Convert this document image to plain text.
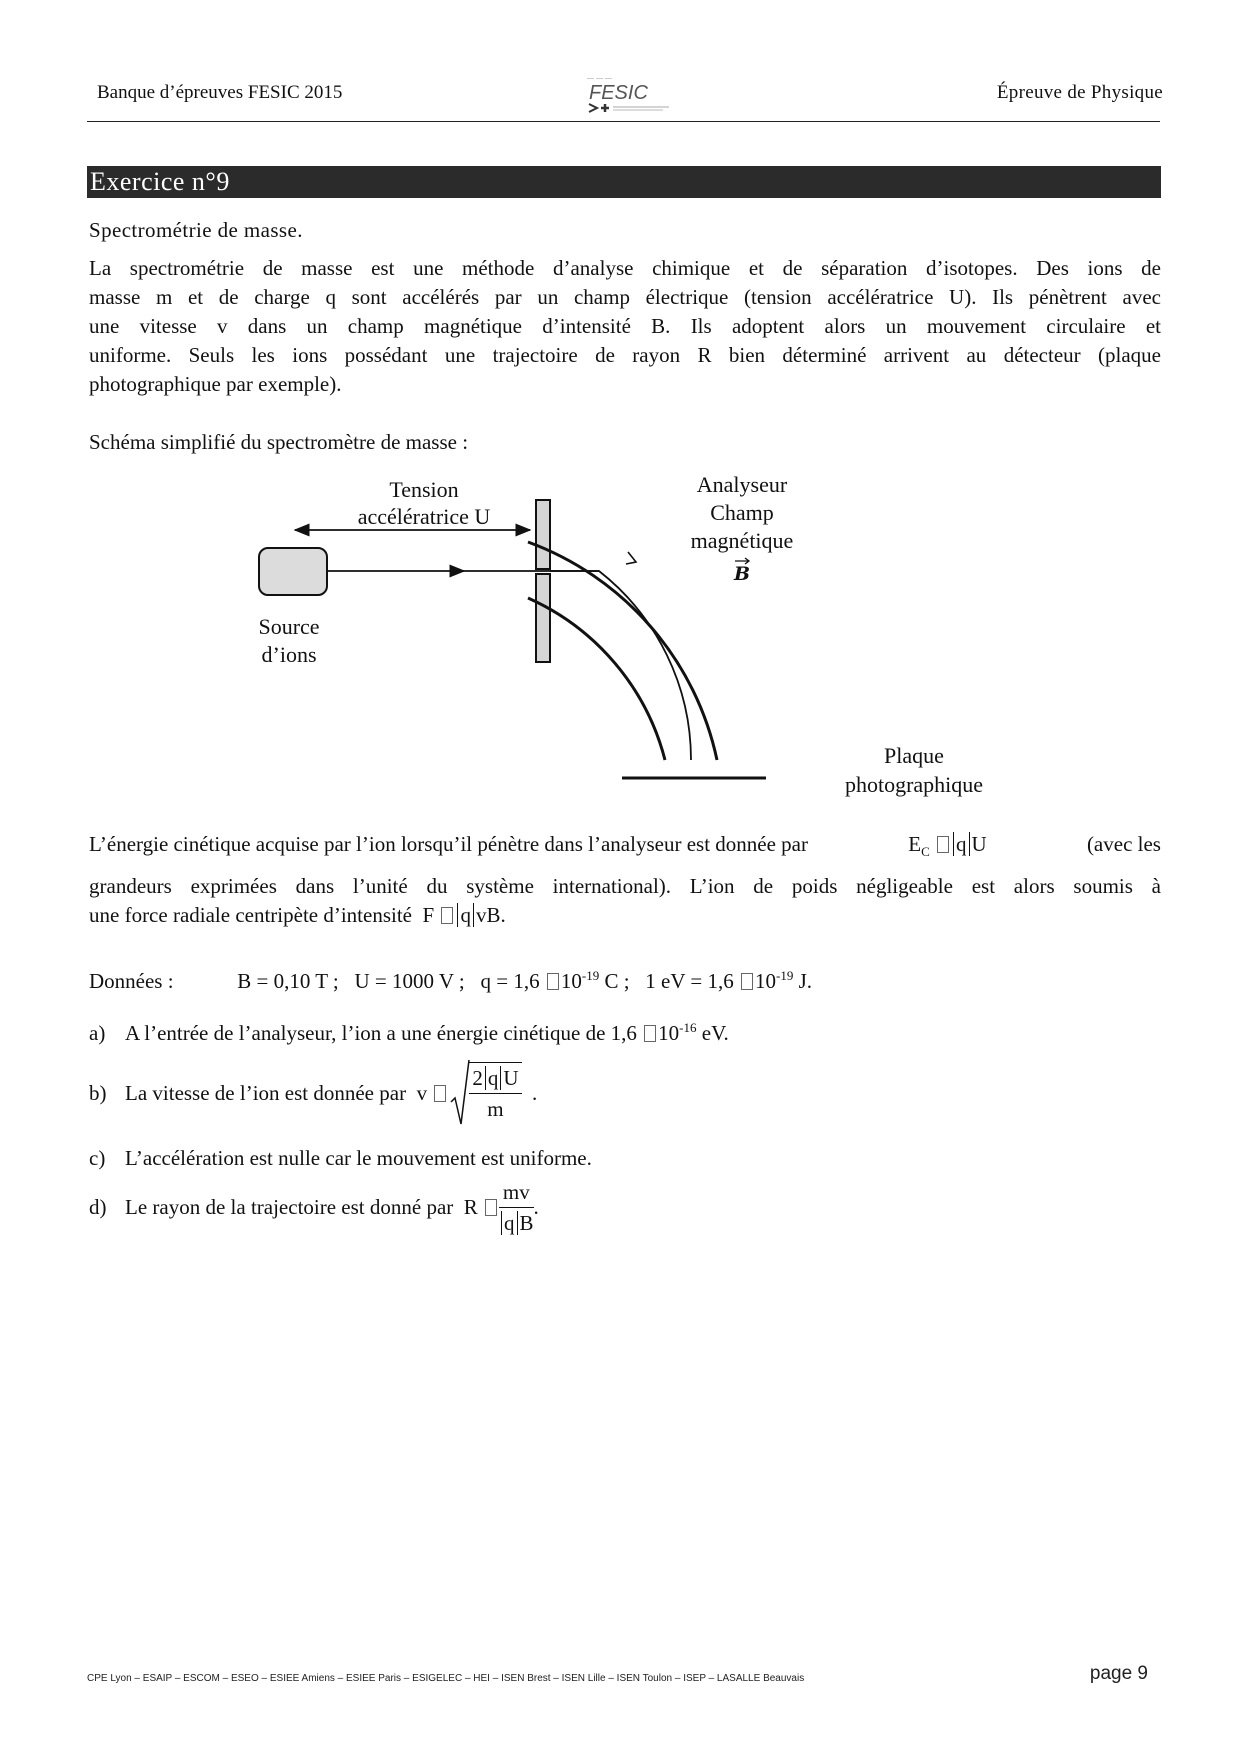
Banque d’épreuves FESIC 2015
— — —
FESIC	Épreuve de Physique
Exercice n°9
Spectrométrie de masse.
La spectrométrie de masse est une méthode d’analyse chimique et de séparation d’isotopes. Des ions de
masse m et de charge q sont accélérés par un champ électrique (tension accélératrice U). Ils pénètrent avec
une vitesse v dans un champ magnétique d’intensité B. Ils adoptent alors un mouvement circulaire et
uniforme. Seuls les ions possédant une trajectoire de rayon R bien déterminé arrivent au détecteur (plaque
photographique par exemple).
Schéma simplifié du spectromètre de masse :
Source
d’ions
Tension
accélératrice U
Analyseur
Champ
magnétique
B
Plaque
photographique
L’énergie cinétique acquise par l’ion lorsqu’il pénètre dans l’analyseur est donnée par	$E_C$ q U	(avec les
grandeurs exprimées dans l’unité du système international). L’ion de poids négligeable est alors soumis à
une force radiale centripète d’intensité F q vB.
Données :	B = 0,10 T ; U = 1000 V ; q = 1,6 $10^{-19}$ C ; 1 eV = 1,6 $10^{-19}$ J.
a) A l’entrée de l’analyseur, l’ion a une énergie cinétique de 1,6 $10^{-16}$ eV.
b) La vitesse de l’ion est donnée par
v
$\frac{\text{2 q U}}{m}$
.
c) L’accélération est nulle car le mouvement est uniforme.
d) Le rayon de la trajectoire est donné par
R
$\frac{mv}{\text{q B}}$ .
CPE Lyon – ESAIP – ESCOM – ESEO – ESIEE Amiens – ESIEE Paris – ESIGELEC – HEI – ISEN Brest – ISEN Lille – ISEN Toulon – ISEP – LASALLE Beauvais	page 9
